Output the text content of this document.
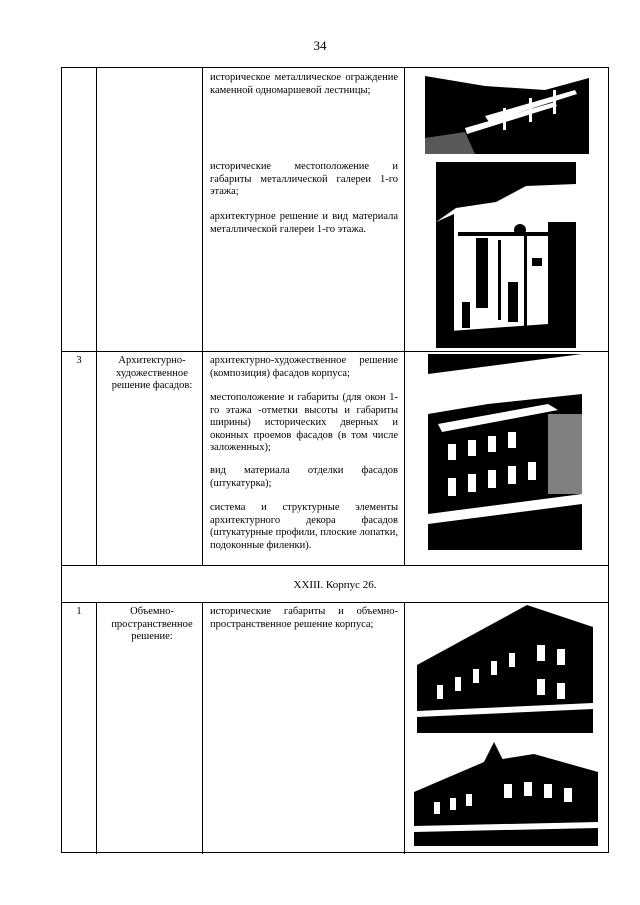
34
историческое металлическое ограждение каменной одномаршевой лестницы;
исторические местоположение и габариты металлической галереи 1-го этажа;
архитектурное решение и вид материала металлической галереи 1-го этажа.
3	Архитектурно-художественное решение фасадов:
архитектурно-художественное решение (композиция) фасадов корпуса;
местоположение и габариты (для окон 1-го этажа -отметки высоты и габариты ширины) исторических дверных и оконных проемов фасадов (в том числе заложенных);
вид материала отделки фасадов (штукатурка);
система и структурные элементы архитектурного декора фасадов (штукатурные профили, плоские лопатки, подоконные филенки).
XXIII. Корпус 26.
1	Объемно-пространственное решение:
исторические габариты и объемно-пространственное решение корпуса;
